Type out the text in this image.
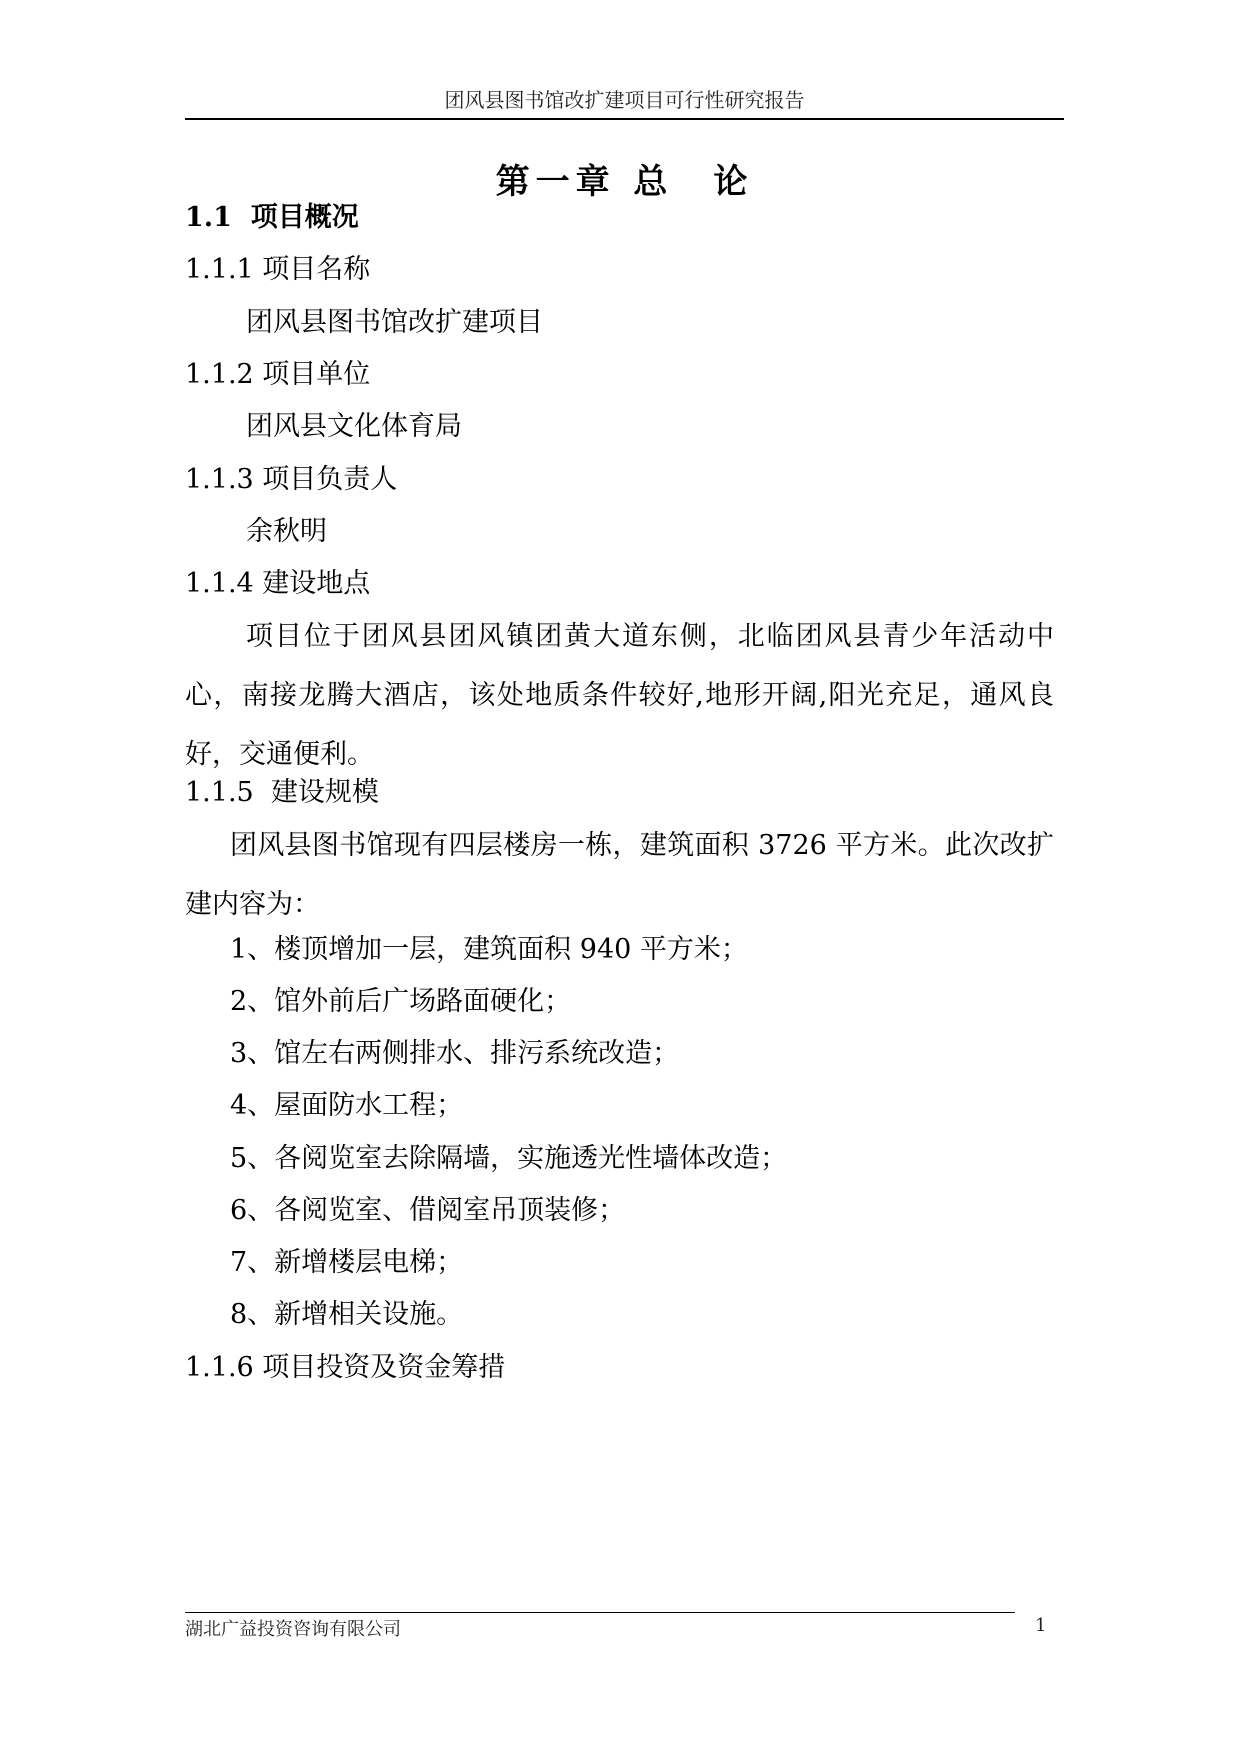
团风县图书馆改扩建项目可行性研究报告
第一章 总　论
1.1  项目概况
1.1.1 项目名称
团风县图书馆改扩建项目
1.1.2 项目单位
团风县文化体育局
1.1.3 项目负责人
余秋明
1.1.4 建设地点
项目位于团风县团风镇团黄大道东侧，北临团风县青少年活动中心，南接龙腾大酒店，该处地质条件较好,地形开阔,阳光充足，通风良好，交通便利。
1.1.5  建设规模
团风县图书馆现有四层楼房一栋，建筑面积 3726 平方米。此次改扩建内容为：
1、楼顶增加一层，建筑面积 940 平方米；
2、馆外前后广场路面硬化；
3、馆左右两侧排水、排污系统改造；
4、屋面防水工程；
5、各阅览室去除隔墙，实施透光性墙体改造；
6、各阅览室、借阅室吊顶装修；
7、新增楼层电梯；
8、新增相关设施。
1.1.6 项目投资及资金筹措
湖北广益投资咨询有限公司	1
